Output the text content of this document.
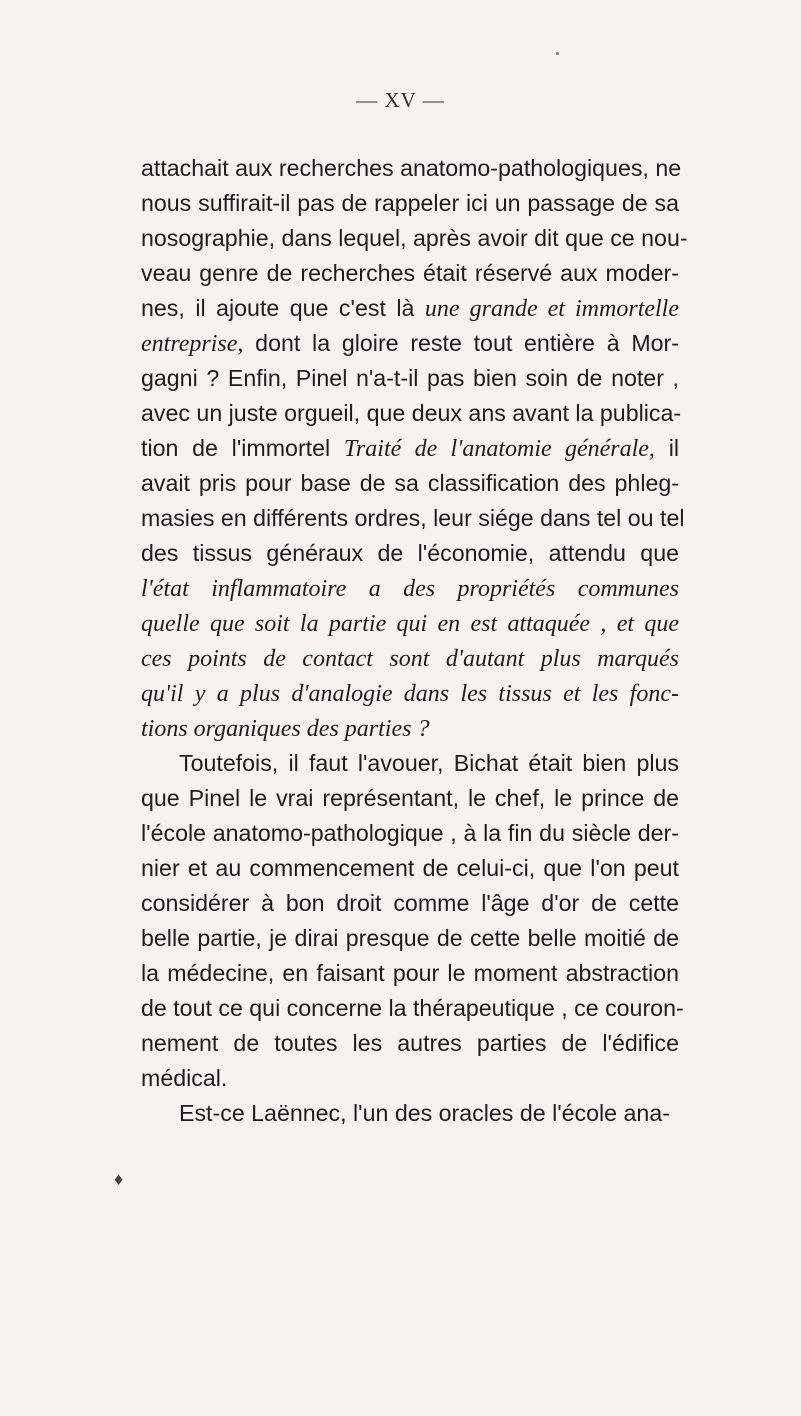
— XV —
♦
attachait aux recherches anatomo-pathologiques, ne
nous suffirait-il pas de rappeler ici un passage de sa
nosographie, dans lequel, après avoir dit que ce nou-
veau genre de recherches était réservé aux moder-
nes, il ajoute que c'est là une grande et immortelle
entreprise, dont la gloire reste tout entière à Mor-
gagni ? Enfin, Pinel n'a-t-il pas bien soin de noter ,
avec un juste orgueil, que deux ans avant la publica-
tion de l'immortel Traité de l'anatomie générale, il
avait pris pour base de sa classification des phleg-
masies en différents ordres, leur siége dans tel ou tel
des tissus généraux de l'économie, attendu que
l'état inflammatoire a des propriétés communes
quelle que soit la partie qui en est attaquée , et que
ces points de contact sont d'autant plus marqués
qu'il y a plus d'analogie dans les tissus et les fonc-
tions organiques des parties ?
Toutefois, il faut l'avouer, Bichat était bien plus
que Pinel le vrai représentant, le chef, le prince de
l'école anatomo-pathologique , à la fin du siècle der-
nier et au commencement de celui-ci, que l'on peut
considérer à bon droit comme l'âge d'or de cette
belle partie, je dirai presque de cette belle moitié de
la médecine, en faisant pour le moment abstraction
de tout ce qui concerne la thérapeutique , ce couron-
nement de toutes les autres parties de l'édifice
médical.
Est-ce Laënnec, l'un des oracles de l'école ana-
